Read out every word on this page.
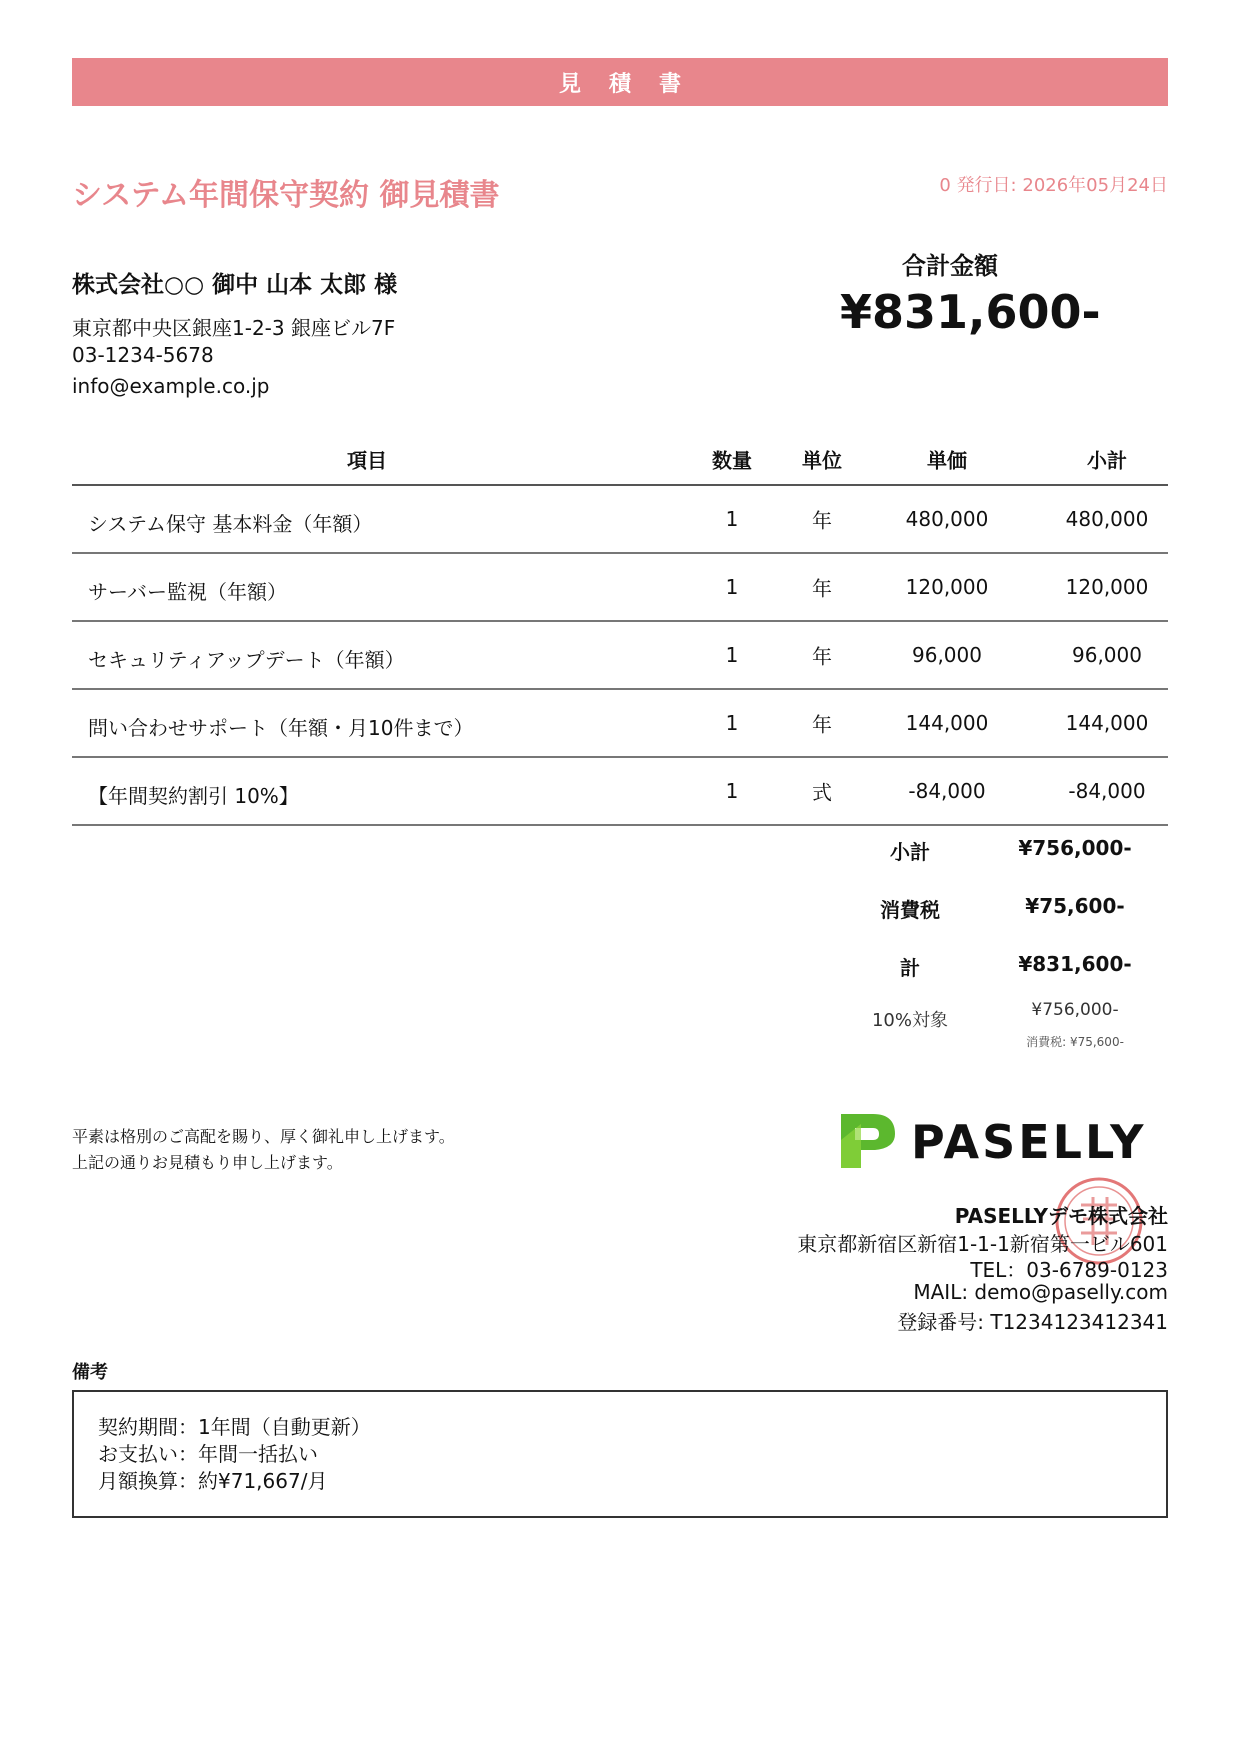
見積書
システム年間保守契約 御見積書	0 発行日: 2026年05月24日
株式会社○○ 御中 山本 太郎 様
東京都中央区銀座1-2-3 銀座ビル7F
03-1234-5678
info@example.co.jp
合計金額
¥831,600-
項目	数量	単位	単価	小計
システム保守 基本料金（年額）	1	年	480,000	480,000
サーバー監視（年額）	1	年	120,000	120,000
セキュリティアップデート（年額）	1	年	96,000	96,000
問い合わせサポート（年額・月10件まで）	1	年	144,000	144,000
【年間契約割引 10%】	1	式	-84,000	-84,000
小計	¥756,000-
消費税	¥75,600-
計	¥831,600-
10%対象	¥756,000-
消費税: ¥75,600-
平素は格別のご高配を賜り、厚く御礼申し上げます。
上記の通りお見積もり申し上げます。	PASELLY
PASELLYデモ株式会社
東京都新宿区新宿1-1-1新宿第一ビル601
TEL：03-6789-0123
MAIL: demo@paselly.com
登録番号: T1234123412341
備考
契約期間：1年間（自動更新）
お支払い：年間一括払い
月額換算：約¥71,667/月
